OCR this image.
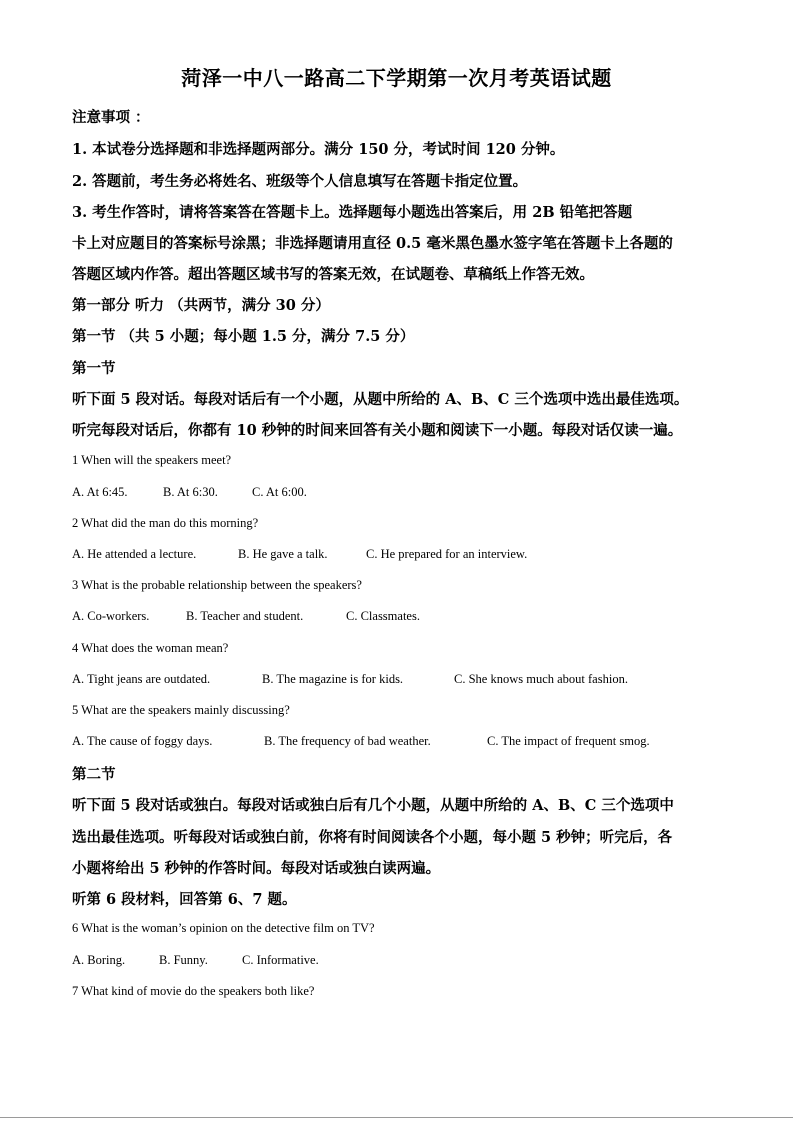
菏泽一中八一路高二下学期第一次月考英语试题
注意事项 ：
1. 本试卷分选择题和非选择题两部分。满分 150 分，考试时间 120 分钟。
2. 答题前，考生务必将姓名、班级等个人信息填写在答题卡指定位置。
3. 考生作答时，请将答案答在答题卡上。选择题每小题选出答案后，用 2B 铅笔把答题
卡上对应题目的答案标号涂黑；非选择题请用直径 0.5 毫米黑色墨水签字笔在答题卡上各题的
答题区域内作答。超出答题区域书写的答案无效，在试题卷、草稿纸上作答无效。
第一部分 听力 （共两节，满分 30 分）
第一节 （共 5 小题；每小题 1.5 分，满分 7.5 分）
第一节
听下面 5 段对话。每段对话后有一个小题，从题中所给的 A、B、C 三个选项中选出最佳选项。
听完每段对话后，你都有 10 秒钟的时间来回答有关小题和阅读下一小题。每段对话仅读一遍。
1 When will the speakers meet?
A. At 6:45.	B. At 6:30.	C. At 6:00.
2 What did the man do this morning?
A. He attended a lecture.	B. He gave a talk.	C. He prepared for an interview.
3 What is the probable relationship between the speakers?
A. Co-workers.	B. Teacher and student.	C. Classmates.
4 What does the woman mean?
A. Tight jeans are outdated.	B. The magazine is for kids.	C. She knows much about fashion.
5 What are the speakers mainly discussing?
A. The cause of foggy days.	B. The frequency of bad weather.	C. The impact of frequent smog.
第二节
听下面 5 段对话或独白。每段对话或独白后有几个小题，从题中所给的 A、B、C 三个选项中
选出最佳选项。听每段对话或独白前，你将有时间阅读各个小题，每小题 5 秒钟；听完后，各
小题将给出 5 秒钟的作答时间。每段对话或独白读两遍。
听第 6 段材料，回答第 6、7 题。
6 What is the woman’s opinion on the detective film on TV?
A. Boring.	B. Funny.	C. Informative.
7 What kind of movie do the speakers both like?
